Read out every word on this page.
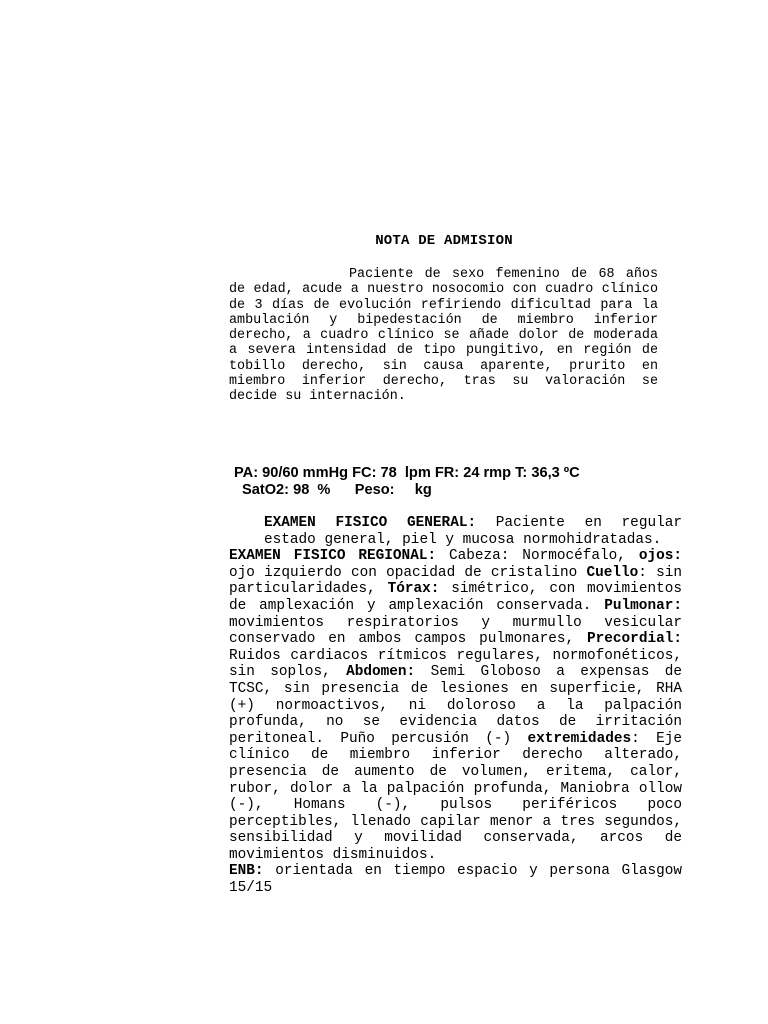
NOTA DE ADMISION

Paciente de sexo femenino de 68 años de edad, acude a nuestro nosocomio con cuadro clínico de 3 días de evolución refiriendo dificultad para la ambulación y bipedestación de miembro inferior derecho, a cuadro clínico se añade dolor de moderada a severa intensidad de tipo pungitivo, en región de tobillo derecho, sin causa aparente, prurito en miembro inferior derecho, tras su valoración se decide su internación.

PA: 90/60 mmHg FC: 78  lpm FR: 24 rmp T: 36,3 ºC
SatO2: 98  %      Peso:     kg
EXAMEN FISICO GENERAL: Paciente en regular estado general, piel y mucosa normohidratadas.
EXAMEN FISICO REGIONAL: Cabeza: Normocéfalo, ojos: ojo izquierdo con opacidad de cristalino Cuello: sin particularidades, Tórax: simétrico, con movimientos de amplexación y amplexación conservada. Pulmonar: movimientos respiratorios y murmullo vesicular conservado en ambos campos pulmonares, Precordial: Ruidos cardiacos rítmicos regulares, normofonéticos, sin soplos, Abdomen: Semi Globoso a expensas de TCSC, sin presencia de lesiones en superficie, RHA (+) normoactivos, ni doloroso a la palpación profunda, no se evidencia datos de irritación peritoneal. Puño percusión (-) extremidades: Eje clínico de miembro inferior derecho alterado, presencia de aumento de volumen, eritema, calor, rubor, dolor a la palpación profunda, Maniobra ollow (-), Homans (-), pulsos periféricos poco perceptibles, llenado capilar menor a tres segundos, sensibilidad y movilidad conservada, arcos de movimientos disminuidos.
ENB: orientada en tiempo espacio y persona Glasgow 15/15
